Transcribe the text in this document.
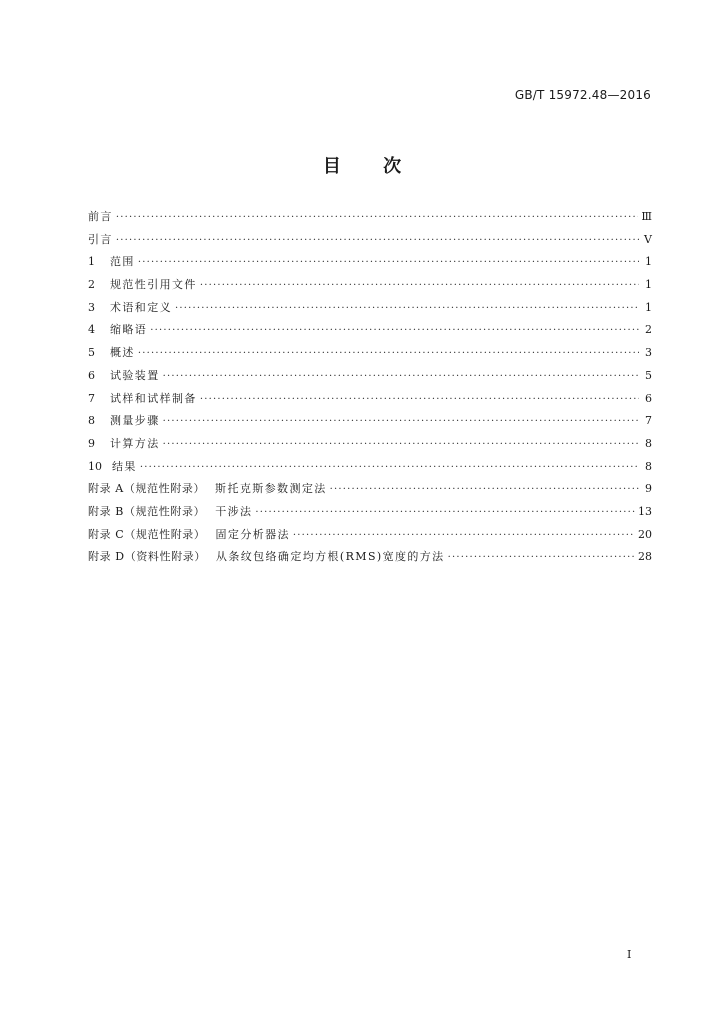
GB/T 15972.48—2016
目 次
前言 ·····	Ⅲ
引言 ·····	Ⅴ
1	范围 ·····	1
2	规范性引用文件 ·····	1
3	术语和定义 ·····	1
4	缩略语 ·····	2
5	概述 ·····	3
6	试验装置 ·····	5
7	试样和试样制备 ·····	6
8	测量步骤 ·····	7
9	计算方法 ·····	8
10 结果 ·····	8
附录 A（规范性附录） 斯托克斯参数测定法 ·····	9
附录 B（规范性附录） 干涉法 ·····	13
附录 C（规范性附录） 固定分析器法 ·····	20
附录 D（资料性附录） 从条纹包络确定均方根(RMS)宽度的方法 ·····	28
Ⅰ
